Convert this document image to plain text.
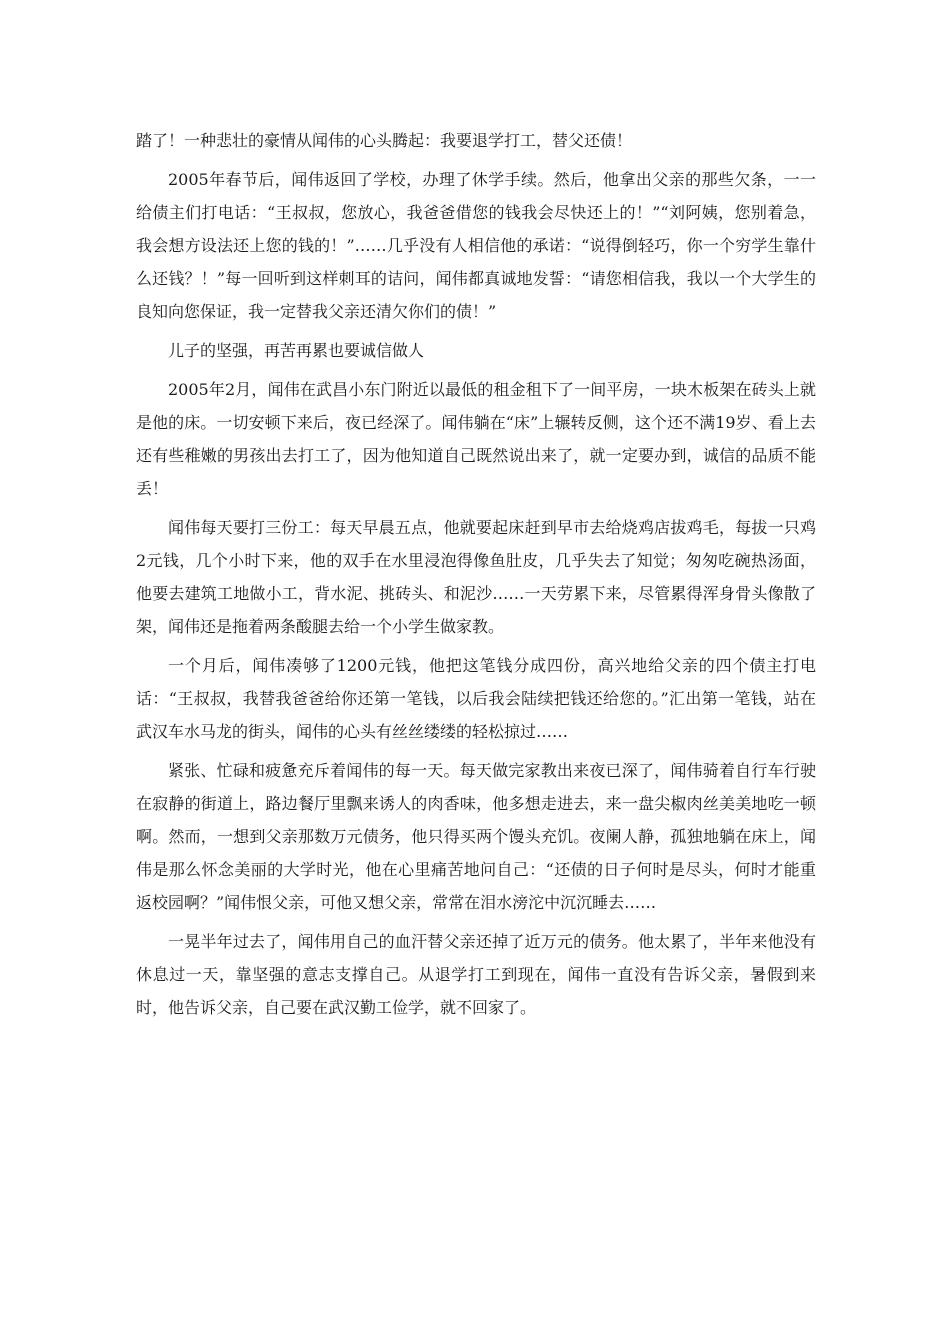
踏了！一种悲壮的豪情从闻伟的心头腾起：我要退学打工，替父还债！

2005年春节后，闻伟返回了学校，办理了休学手续。然后，他拿出父亲的那些欠条，一一给债主们打电话：“王叔叔，您放心，我爸爸借您的钱我会尽快还上的！”“刘阿姨，您别着急，我会想方设法还上您的钱的！”……几乎没有人相信他的承诺：“说得倒轻巧，你一个穷学生靠什么还钱？！”每一回听到这样刺耳的诘问，闻伟都真诚地发誓：“请您相信我，我以一个大学生的良知向您保证，我一定替我父亲还清欠你们的债！”

儿子的坚强，再苦再累也要诚信做人

2005年2月，闻伟在武昌小东门附近以最低的租金租下了一间平房，一块木板架在砖头上就是他的床。一切安顿下来后，夜已经深了。闻伟躺在“床”上辗转反侧，这个还不满19岁、看上去还有些稚嫩的男孩出去打工了，因为他知道自己既然说出来了，就一定要办到，诚信的品质不能丢！

闻伟每天要打三份工：每天早晨五点，他就要起床赶到早市去给烧鸡店拔鸡毛，每拔一只鸡2元钱，几个小时下来，他的双手在水里浸泡得像鱼肚皮，几乎失去了知觉；匆匆吃碗热汤面，他要去建筑工地做小工，背水泥、挑砖头、和泥沙……一天劳累下来，尽管累得浑身骨头像散了架，闻伟还是拖着两条酸腿去给一个小学生做家教。

一个月后，闻伟凑够了1200元钱，他把这笔钱分成四份，高兴地给父亲的四个债主打电话：“王叔叔，我替我爸爸给你还第一笔钱，以后我会陆续把钱还给您的。”汇出第一笔钱，站在武汉车水马龙的街头，闻伟的心头有丝丝缕缕的轻松掠过……

紧张、忙碌和疲惫充斥着闻伟的每一天。每天做完家教出来夜已深了，闻伟骑着自行车行驶在寂静的街道上，路边餐厅里飘来诱人的肉香味，他多想走进去，来一盘尖椒肉丝美美地吃一顿啊。然而，一想到父亲那数万元债务，他只得买两个馒头充饥。夜阑人静，孤独地躺在床上，闻伟是那么怀念美丽的大学时光，他在心里痛苦地问自己：“还债的日子何时是尽头，何时才能重返校园啊？”闻伟恨父亲，可他又想父亲，常常在泪水滂沱中沉沉睡去……

一晃半年过去了，闻伟用自己的血汗替父亲还掉了近万元的债务。他太累了，半年来他没有休息过一天，靠坚强的意志支撑自己。从退学打工到现在，闻伟一直没有告诉父亲，暑假到来时，他告诉父亲，自己要在武汉勤工俭学，就不回家了。
